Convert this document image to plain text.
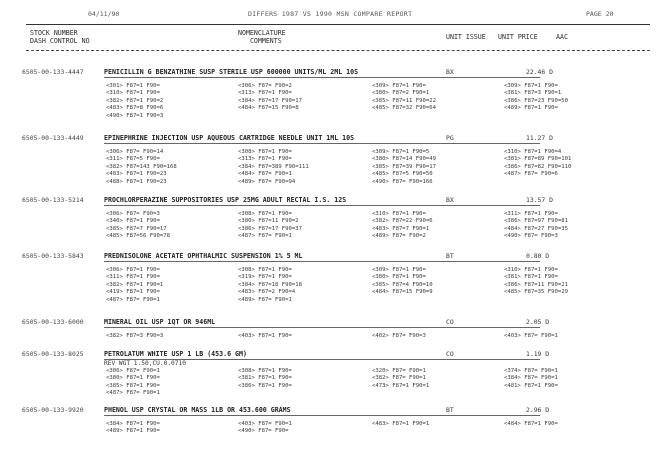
04/11/90	DIFFERS 1987 VS 1990 MSN COMPARE REPORT	PAGE 20
STOCK NUMBER
DASH CONTROL NO
NOMENCLATURE
COMMENTS	UNIT ISSUE UNIT PRICE	AAC
6505-00-133-4447	PENICILLIN G BENZATHINE SUSP STERILE USP 600000 UNITS/ML 2ML 10S	BX	22.46 D
<301> F87=1 F90=	<306> F87= F90=2	<309> F87=1 F90=	<309> F87=1 F90=
<310> F87=1 F90=	<313> F87=1 F90=	<380> F87=2 F90=1	<381> F87=3 F90=1
<382> F87=1 F90=2	<384> F87=17 F90=17	<385> F87=11 F90=22	<386> F87=23 F90=50
<483> F87=8 F90=6	<484> F87=15 F90=8	<485> F87=32 F90=64	<489> F87=1 F90=
<490> F87=1 F90=3
6505-00-133-4449	EPINEPHRINE INJECTION USP AQUEOUS CARTRIDGE NEEDLE UNIT 1ML 10S	PG	11.27 D
<306> F87= F90=14	<308> F87=1 F90=	<309> F87=1 F90=5	<310> F87=1 F90=4
<311> F87=5 F90=	<313> F87=1 F90=	<380> F87=14 F90=49	<381> F87=89 F90=101
<382> F87=143 F90=168	<384> F87=389 F90=111	<385> F87=39 F90=17	<386> F87=82 F90=110
<483> F87=1 F90=23	<484> F87= F90=1	<485> F87=5 F90=50	<487> F87= F90=6
<488> F87=1 F90=23	<489> F87= F90=94	<490> F87= F90=166
6505-00-133-5214	PROCHLORPERAZINE SUPPOSITORIES USP 25MG ADULT RECTAL I.S. 12S	BX	13.57 D
<306> F87= F90=3	<308> F87=1 F90=	<310> F87=1 F90=	<311> F87=1 F90=
<340> F87=1 F90=	<380> F87=11 F90=2	<382> F87=22 F90=6	<386> F87=97 F90=81
<385> F87=7 F90=17	<386> F87=17 F90=37	<483> F87=7 F90=1	<484> F87=27 F90=35
<485> F87=56 F90=78	<487> F87= F90=1	<489> F87= F90=2	<490> F87= F90=3
6505-00-133-5843	PREDNISOLONE ACETATE OPHTHALMIC SUSPENSION 1% 5 ML	BT	0.80 D
<306> F87=1 F90=	<308> F87=1 F90=	<309> F87=1 F90=	<310> F87=1 F90=
<311> F87=1 F90=	<319> F87=1 F90=	<380> F87=1 F90=	<381> F87=1 F90=
<382> F87=1 F90=1	<384> F87=18 F90=18	<385> F87=4 F90=10	<386> F87=11 F90=21
<419> F87=1 F90=	<483> F87=2 F90=4	<484> F87=15 F90=9	<485> F87=35 F90=29
<487> F87= F90=1	<489> F87= F90=1
6505-00-133-6000	MINERAL OIL USP 1QT OR 946ML	CO	2.05 D
<382> F87=3 F90=3	<403> F87=1 F90=	<402> F87= F90=3	<403> F87= F90=1
6505-00-133-8025	PETROLATUM WHITE USP 1 LB (453.6 GM)	CO	1.19 D
REV WGT 1.50,CU.0.0710
<306> F87= F90=1	<308> F87=1 F90=	<320> F87= F90=1	<374> F87= F90=1
<380> F87=1 F90=	<381> F87=1 F90=	<382> F87= F90=1	<384> F87= F90=1
<385> F87=1 F90=	<386> F87=1 F90=	<473> F87=1 F90=1	<481> F87=1 F90=
<487> F87= F90=1
6505-00-133-9920	PHENOL USP CRYSTAL OR MASS 1LB OR 453.600 GRAMS	BT	2.96 D
<384> F87=1 F90=	<403> F87= F90=1	<483> F87=1 F90=1	<484> F87=1 F90=
<489> F87=1 F90=	<490> F87= F90=
